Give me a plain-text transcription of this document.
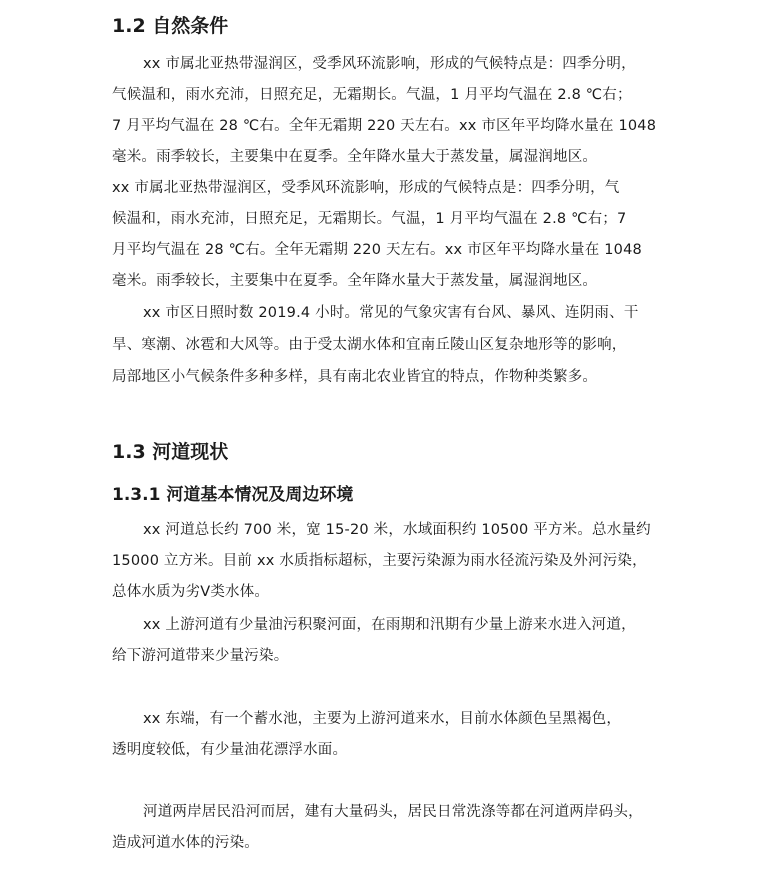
1.2 自然条件

xx 市属北亚热带湿润区，受季风环流影响，形成的气候特点是：四季分明，

气候温和，雨水充沛，日照充足，无霜期长。气温，1 月平均气温在 2.8 ℃右；

7 月平均气温在 28 ℃右。全年无霜期 220 天左右。xx 市区年平均降水量在 1048

毫米。雨季较长，主要集中在夏季。全年降水量大于蒸发量，属湿润地区。

xx 市属北亚热带湿润区，受季风环流影响，形成的气候特点是：四季分明，气

候温和，雨水充沛，日照充足，无霜期长。气温，1 月平均气温在 2.8 ℃右；7

月平均气温在 28 ℃右。全年无霜期 220 天左右。xx 市区年平均降水量在 1048

毫米。雨季较长，主要集中在夏季。全年降水量大于蒸发量，属湿润地区。

xx 市区日照时数 2019.4 小时。常见的气象灾害有台风、暴风、连阴雨、干

旱、寒潮、冰雹和大风等。由于受太湖水体和宜南丘陵山区复杂地形等的影响，

局部地区小气候条件多种多样，具有南北农业皆宜的特点，作物种类繁多。

1.3 河道现状
1.3.1 河道基本情况及周边环境

xx 河道总长约 700 米，宽 15-20 米，水域面积约 10500 平方米。总水量约

15000 立方米。目前 xx 水质指标超标，主要污染源为雨水径流污染及外河污染，

总体水质为劣Ⅴ类水体。

xx 上游河道有少量油污积聚河面，在雨期和汛期有少量上游来水进入河道，

给下游河道带来少量污染。

xx 东端，有一个蓄水池，主要为上游河道来水，目前水体颜色呈黑褐色，

透明度较低，有少量油花漂浮水面。

河道两岸居民沿河而居，建有大量码头，居民日常洗涤等都在河道两岸码头，

造成河道水体的污染。
